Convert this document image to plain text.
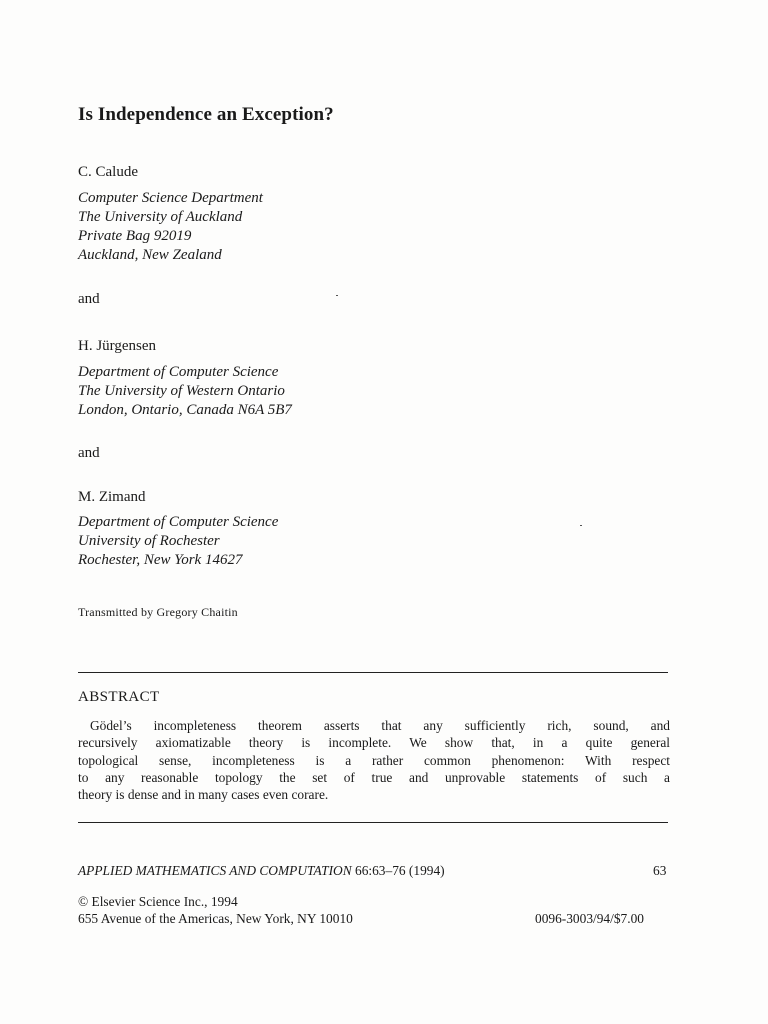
Is Independence an Exception?
C. Calude
Computer Science Department
The University of Auckland
Private Bag 92019
Auckland, New Zealand
and
H. Jürgensen
Department of Computer Science
The University of Western Ontario
London, Ontario, Canada N6A 5B7
and
M. Zimand
Department of Computer Science
University of Rochester
Rochester, New York 14627
Transmitted by Gregory Chaitin
ABSTRACT
Gödel’s incompleteness theorem asserts that any sufficiently rich, sound, and
recursively axiomatizable theory is incomplete. We show that, in a quite general
topological sense, incompleteness is a rather common phenomenon: With respect
to any reasonable topology the set of true and unprovable statements of such a
theory is dense and in many cases even corare.
APPLIED MATHEMATICS AND COMPUTATION 66:63–76 (1994)	63
© Elsevier Science Inc., 1994
655 Avenue of the Americas, New York, NY 10010	0096-3003/94/$7.00
